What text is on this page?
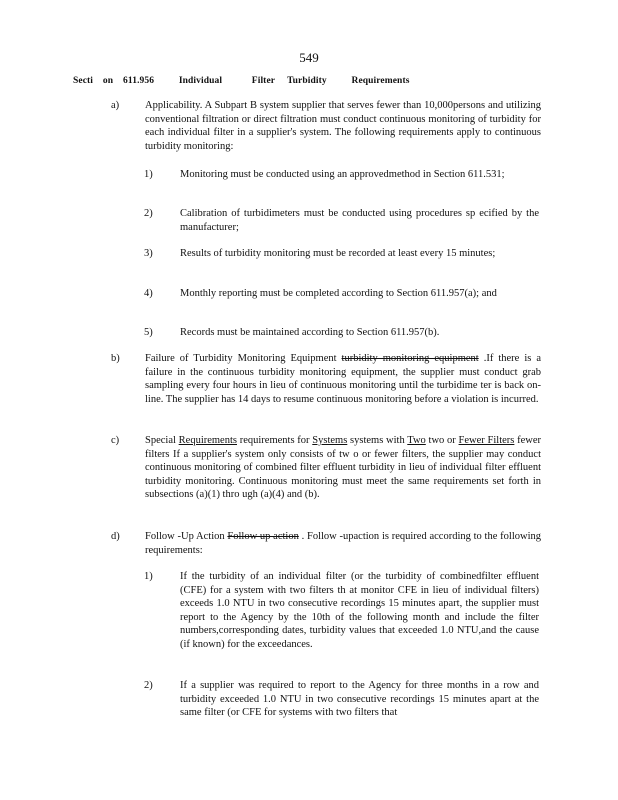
549
Secti    on    611.956          Individual            Filter     Turbidity          Requirements
a) Applicability. A Subpart B system supplier that serves fewer than 10,000persons and utilizing conventional filtration or direct filtration must conduct continuous monitoring of turbidity for each individual filter in a supplier's system. The following requirements apply to continuous turbidity monitoring:
1)	Monitoring must be conducted using an approvedmethod in Section 611.531;
2)	Calibration of turbidimeters must be conducted using procedures sp ecified by the manufacturer;
3)	Results of turbidity monitoring must be recorded at least every 15 minutes;
4)	Monthly reporting must be completed according to Section 611.957(a); and
5)	Records must be maintained according to Section 611.957(b).
b) Failure of Turbidity Monitoring Equipment turbidity monitoring equipment .If there is a failure in the continuous turbidity monitoring equipment, the supplier must conduct grab sampling every four hours in lieu of continuous monitoring until the turbidime ter is back on-line. The supplier has 14 days to resume continuous monitoring before a violation is incurred.
c) Special Requirements requirements for Systems systems with Two two or Fewer Filters fewer filters If a supplier's system only consists of tw o or fewer filters, the supplier may conduct continuous monitoring of combined filter effluent turbidity in lieu of individual filter effluent turbidity monitoring. Continuous monitoring must meet the same requirements set forth in subsections (a)(1) thro ugh (a)(4) and (b).
d) Follow -Up Action Follow up action . Follow -upaction is required according to the following requirements:
1)	If the turbidity of an individual filter (or the turbidity of combinedfilter effluent (CFE) for a system with two filters th at monitor CFE in lieu of individual filters) exceeds 1.0 NTU in two consecutive recordings 15 minutes apart, the supplier must report to the Agency by the 10th of the following month and include the filter numbers,corresponding dates, turbidity values that exceeded 1.0 NTU,and the cause (if known) for the exceedances.
2)	If a supplier was required to report to the Agency for three months in a row and turbidity exceeded 1.0 NTU in two consecutive recordings 15 minutes apart at the same filter (or CFE for systems with two filters that
